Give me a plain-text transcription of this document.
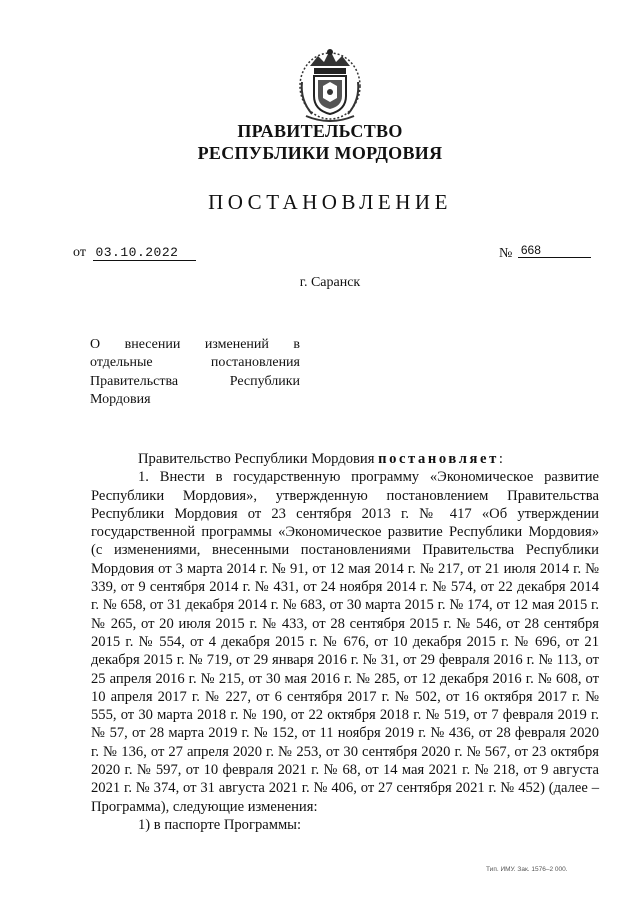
ПРАВИТЕЛЬСТВО
РЕСПУБЛИКИ МОРДОВИЯ
ПОСТАНОВЛЕНИЕ
от 03.10.2022	№ 668
г. Саранск
О внесении изменений в
отдельные	постановления
Правительства	Республики
Мордовия

Правительство Республики Мордовия постановляет:

1. Внести в государственную программу «Экономическое развитие Республики Мордовия», утвержденную постановлением Правительства Республики Мордовия от 23 сентября 2013 г. № 417 «Об утверждении государственной программы «Экономическое развитие Республики Мордовия» (с изменениями, внесенными постановлениями Правительства Республики Мордовия от 3 марта 2014 г. № 91, от 12 мая 2014 г. № 217, от 21 июля 2014 г. № 339, от 9 сентября 2014 г. № 431, от 24 ноября 2014 г. № 574, от 22 декабря 2014 г. № 658, от 31 декабря 2014 г. № 683, от 30 марта 2015 г. № 174, от 12 мая 2015 г. № 265, от 20 июля 2015 г. № 433, от 28 сентября 2015 г. № 546, от 28 сентября 2015 г. № 554, от 4 декабря 2015 г. № 676, от 10 декабря 2015 г. № 696, от 21 декабря 2015 г. № 719, от 29 января 2016 г. № 31, от 29 февраля 2016 г. № 113, от 25 апреля 2016 г. № 215, от 30 мая 2016 г. № 285, от 12 декабря 2016 г. № 608, от 10 апреля 2017 г. № 227, от 6 сентября 2017 г. № 502, от 16 октября 2017 г. № 555, от 30 марта 2018 г. № 190, от 22 октября 2018 г. № 519, от 7 февраля 2019 г. № 57, от 28 марта 2019 г. № 152, от 11 ноября 2019 г. № 436, от 28 февраля 2020 г. № 136, от 27 апреля 2020 г. № 253, от 30 сентября 2020 г. № 567, от 23 октября 2020 г. № 597, от 10 февраля 2021 г. № 68, от 14 мая 2021 г. № 218, от 9 августа 2021 г. № 374, от 31 августа 2021 г. № 406, от 27 сентября 2021 г. № 452) (далее – Программа), следующие изменения:

1) в паспорте Программы:

Тип. ИМУ. Зак. 1576–2 000.
